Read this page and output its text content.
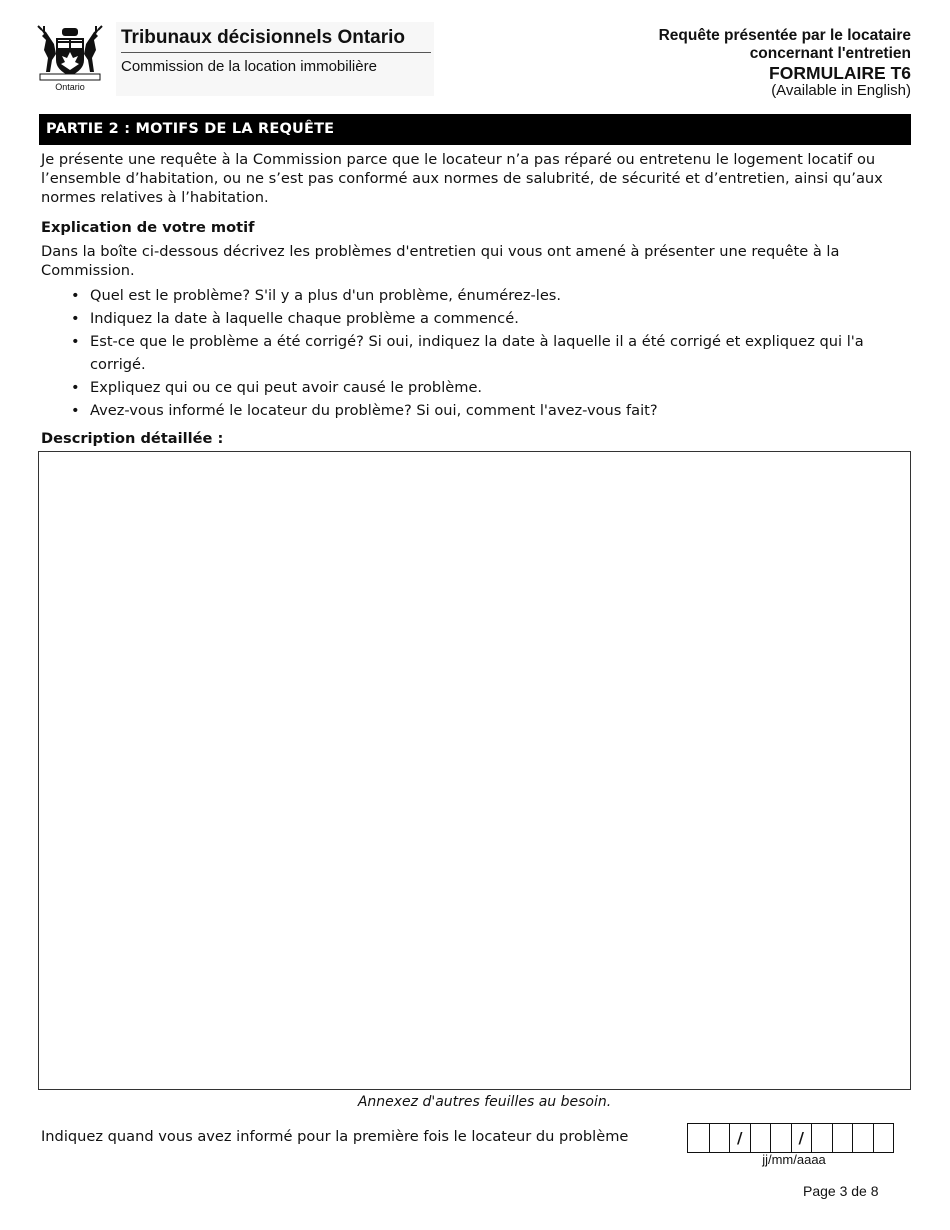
Ontario
Tribunaux décisionnels Ontario
Commission de la location immobilière
Requête présentée par le locataire
concernant l'entretien
FORMULAIRE T6
(Available in English)
PARTIE 2 : MOTIFS DE LA REQUÊTE
Je présente une requête à la Commission parce que le locateur n’a pas réparé ou entretenu le logement locatif ou l’ensemble d’habitation, ou ne s’est pas conformé aux normes de salubrité, de sécurité et d’entretien, ainsi qu’aux normes relatives à l’habitation.
Explication de votre motif
Dans la boîte ci-dessous décrivez les problèmes d'entretien qui vous ont amené à présenter une requête à la Commission.
• Quel est le problème? S'il y a plus d'un problème, énumérez-les.
• Indiquez la date à laquelle chaque problème a commencé.
• Est-ce que le problème a été corrigé? Si oui, indiquez la date à laquelle il a été corrigé et expliquez qui l'a corrigé.
• Expliquez qui ou ce qui peut avoir causé le problème.
• Avez-vous informé le locateur du problème? Si oui, comment l'avez-vous fait?
Description détaillée :
Annexez d'autres feuilles au besoin.
Indiquez quand vous avez informé pour la première fois le locateur du problème	/	/
jj/mm/aaaa
Page 3 de 8
